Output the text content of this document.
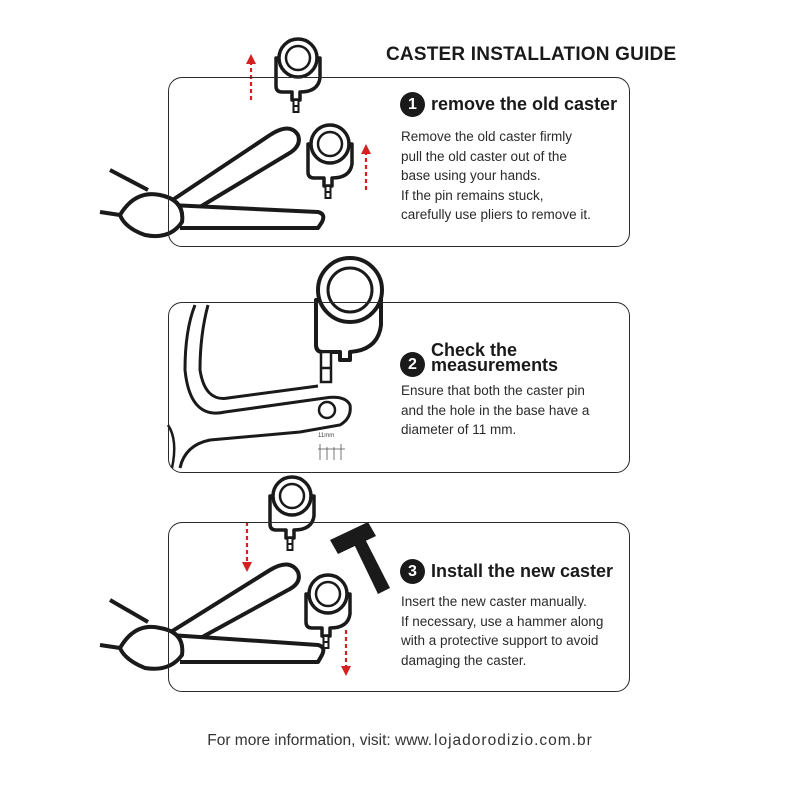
CASTER INSTALLATION GUIDE
1 remove the old caster
Remove the old caster firmly
pull the old caster out of the
base using your hands.
If the pin remains stuck,
carefully use pliers to remove it.
2
Check the
measurements
Ensure that both the caster pin
and the hole in the base have a
diameter of 11 mm.
11mm
3 Install the new caster
Insert the new caster manually.
If necessary, use a hammer along
with a protective support to avoid
damaging the caster.
For more information, visit: www. lojadorodizio.com.br
